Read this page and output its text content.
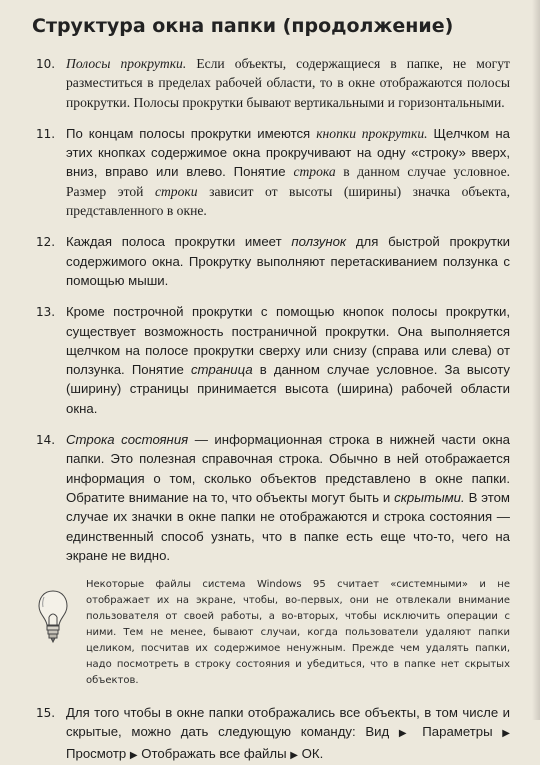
Структура окна папки (продолжение)
10. Полосы прокрутки. Если объекты, содержащиеся в папке, не могут разместиться в пределах рабочей области, то в окне отображаются полосы прокрутки. Полосы прокрутки бывают вертикальными и горизонтальными.
11. По концам полосы прокрутки имеются кнопки прокрутки. Щелчком на этих кнопках содержимое окна прокручивают на одну «строку» вверх, вниз, вправо или влево. Понятие строка в данном случае условное. Размер этой строки зависит от высоты (ширины) значка объекта, представленного в окне.
12. Каждая полоса прокрутки имеет ползунок для быстрой прокрутки содержимого окна. Прокрутку выполняют перетаскиванием ползунка с помощью мыши.
13. Кроме построчной прокрутки с помощью кнопок полосы прокрутки, существует возможность постраничной прокрутки. Она выполняется щелчком на полосе прокрутки сверху или снизу (справа или слева) от ползунка. Понятие страница в данном случае условное. За высоту (ширину) страницы принимается высота (ширина) рабочей области окна.
14. Строка состояния — информационная строка в нижней части окна папки. Это полезная справочная строка. Обычно в ней отображается информация о том, сколько объектов представлено в окне папки. Обратите внимание на то, что объекты могут быть и скрытыми. В этом случае их значки в окне папки не отображаются и строка состояния — единственный способ узнать, что в папке есть еще что-то, чего на экране не видно.
Некоторые файлы система Windows 95 считает «системными» и не отображает их на экране, чтобы, во-первых, они не отвлекали внимание пользователя от своей работы, а во-вторых, чтобы исключить операции с ними. Тем не менее, бывают случаи, когда пользователи удаляют папки целиком, посчитав их содержимое ненужным. Прежде чем удалять папки, надо посмотреть в строку состояния и убедиться, что в папке нет скрытых объектов.
15. Для того чтобы в окне папки отображались все объекты, в том числе и скрытые, можно дать следующую команду: Вид ▶ Параметры ▶ Просмотр ▶ Отображать все файлы ▶ ОК.
